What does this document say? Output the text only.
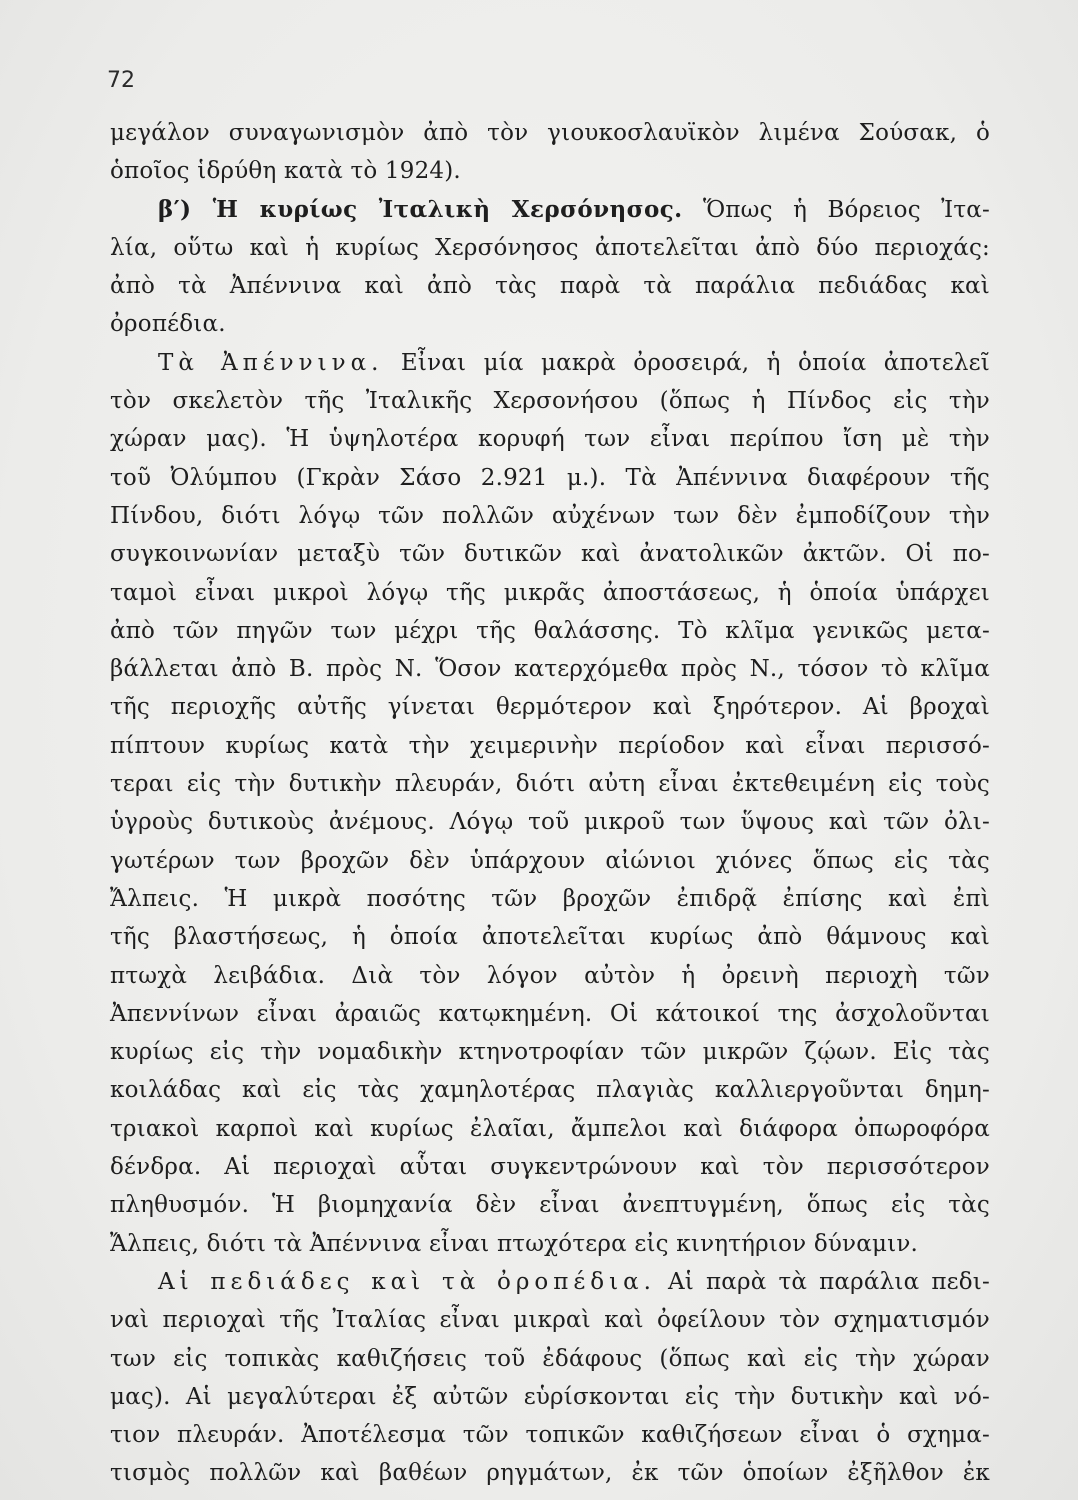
72
μεγάλον συναγωνισμὸν ἀπὸ τὸν γιουκοσλαυϊκὸν λιμένα Σούσακ, ὁ
ὁποῖος ἱδρύθη κατὰ τὸ 1924).
β′) Ἡ κυρίως Ἰταλικὴ Χερσόνησος. Ὅπως ἡ Βόρειος Ἰτα-
λία, οὕτω καὶ ἡ κυρίως Χερσόνησος ἀποτελεῖται ἀπὸ δύο περιοχάς:
ἀπὸ τὰ Ἀπέννινα καὶ ἀπὸ τὰς παρὰ τὰ παράλια πεδιάδας καὶ
ὀροπέδια.
Τὰ Ἀπέννινα. Εἶναι μία μακρὰ ὀροσειρά, ἡ ὁποία ἀποτελεῖ
τὸν σκελετὸν τῆς Ἰταλικῆς Χερσονήσου (ὅπως ἡ Πίνδος εἰς τὴν
χώραν μας). Ἡ ὑψηλοτέρα κορυφή των εἶναι περίπου ἴση μὲ τὴν
τοῦ Ὀλύμπου (Γκρὰν Σάσο 2.921 μ.). Τὰ Ἀπέννινα διαφέρουν τῆς
Πίνδου, διότι λόγῳ τῶν πολλῶν αὐχένων των δὲν ἐμποδίζουν τὴν
συγκοινωνίαν μεταξὺ τῶν δυτικῶν καὶ ἀνατολικῶν ἀκτῶν. Οἱ πο-
ταμοὶ εἶναι μικροὶ λόγῳ τῆς μικρᾶς ἀποστάσεως, ἡ ὁποία ὑπάρχει
ἀπὸ τῶν πηγῶν των μέχρι τῆς θαλάσσης. Τὸ κλῖμα γενικῶς μετα-
βάλλεται ἀπὸ Β. πρὸς Ν. Ὅσον κατερχόμεθα πρὸς Ν., τόσον τὸ κλῖμα
τῆς περιοχῆς αὐτῆς γίνεται θερμότερον καὶ ξηρότερον. Αἱ βροχαὶ
πίπτουν κυρίως κατὰ τὴν χειμερινὴν περίοδον καὶ εἶναι περισσό-
τεραι εἰς τὴν δυτικὴν πλευράν, διότι αὐτη εἶναι ἐκτεθειμένη εἰς τοὺς
ὑγροὺς δυτικοὺς ἀνέμους. Λόγῳ τοῦ μικροῦ των ὕψους καὶ τῶν ὀλι-
γωτέρων των βροχῶν δὲν ὑπάρχουν αἰώνιοι χιόνες ὅπως εἰς τὰς
Ἄλπεις. Ἡ μικρὰ ποσότης τῶν βροχῶν ἐπιδρᾷ ἐπίσης καὶ ἐπὶ
τῆς βλαστήσεως, ἡ ὁποία ἀποτελεῖται κυρίως ἀπὸ θάμνους καὶ
πτωχὰ λειβάδια. Διὰ τὸν λόγον αὐτὸν ἡ ὀρεινὴ περιοχὴ τῶν
Ἀπεννίνων εἶναι ἀραιῶς κατῳκημένη. Οἱ κάτοικοί της ἀσχολοῦνται
κυρίως εἰς τὴν νομαδικὴν κτηνοτροφίαν τῶν μικρῶν ζῴων. Εἰς τὰς
κοιλάδας καὶ εἰς τὰς χαμηλοτέρας πλαγιὰς καλλιεργοῦνται δημη-
τριακοὶ καρποὶ καὶ κυρίως ἐλαῖαι, ἄμπελοι καὶ διάφορα ὀπωροφόρα
δένδρα. Αἱ περιοχαὶ αὗται συγκεντρώνουν καὶ τὸν περισσότερον
πληθυσμόν. Ἡ βιομηχανία δὲν εἶναι ἀνεπτυγμένη, ὅπως εἰς τὰς
Ἄλπεις, διότι τὰ Ἀπέννινα εἶναι πτωχότερα εἰς κινητήριον δύναμιν.
Αἱ πεδιάδες καὶ τὰ ὀροπέδια. Αἱ παρὰ τὰ παράλια πεδι-
ναὶ περιοχαὶ τῆς Ἰταλίας εἶναι μικραὶ καὶ ὀφείλουν τὸν σχηματισμόν
των εἰς τοπικὰς καθιζήσεις τοῦ ἐδάφους (ὅπως καὶ εἰς τὴν χώραν
μας). Αἱ μεγαλύτεραι ἐξ αὐτῶν εὑρίσκονται εἰς τὴν δυτικὴν καὶ νό-
τιον πλευράν. Ἀποτέλεσμα τῶν τοπικῶν καθιζήσεων εἶναι ὁ σχημα-
τισμὸς πολλῶν καὶ βαθέων ρηγμάτων, ἐκ τῶν ὁποίων ἐξῆλθον ἐκ
